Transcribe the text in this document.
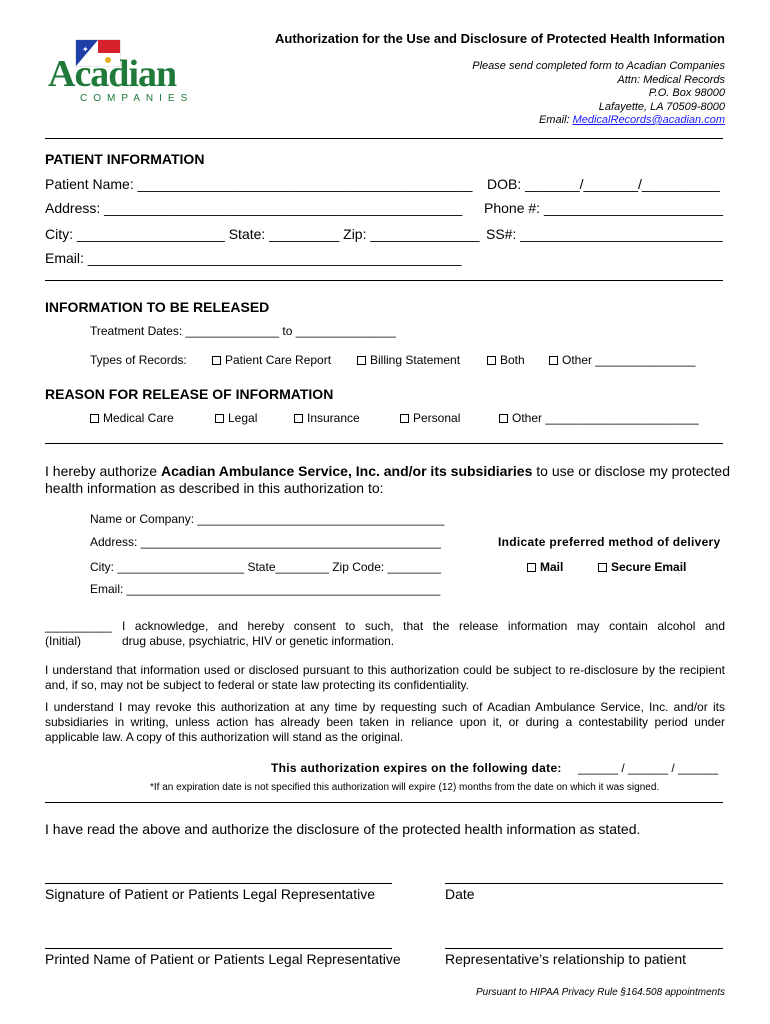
✦
Acadian
COMPANIES
Authorization for the Use and Disclosure of Protected Health Information
Please send completed form to Acadian Companies
Attn: Medical Records
P.O. Box 98000
Lafayette, LA 70509-8000
Email: MedicalRecords@acadian.com
PATIENT INFORMATION
Patient Name: ___________________________________________ DOB: _______/_______/__________
Address: ______________________________________________ Phone #: _______________________
City: ___________________ State: _________ Zip: ______________ SS#: __________________________
Email: ________________________________________________
INFORMATION TO BE RELEASED
Treatment Dates: ______________ to _______________
Types of Records:	Patient Care Report	Billing Statement	Both	Other _______________
REASON FOR RELEASE OF INFORMATION
Medical Care	Legal	Insurance	Personal	Other _______________________
I hereby authorize Acadian Ambulance Service, Inc. and/or its subsidiaries to use or disclose my protected
health information as described in this authorization to:
Name or Company: _____________________________________
Address: _____________________________________________	Indicate preferred method of delivery
City: ___________________ State________ Zip Code: ________	Mail	Secure Email
Email: _______________________________________________
__________
(Initial)
I acknowledge, and hereby consent to such, that the release information may contain alcohol and
drug abuse, psychiatric, HIV or genetic information.
I understand that information used or disclosed pursuant to this authorization could be subject to re-disclosure by the recipient and, if so, may not be subject to federal or state law protecting its confidentiality.
I understand I may revoke this authorization at any time by requesting such of Acadian Ambulance Service, Inc. and/or its subsidiaries in writing, unless action has already been taken in reliance upon it, or during a contestability period under applicable law. A copy of this authorization will stand as the original.
This authorization expires on the following date: ______ / ______ / ______
*If an expiration date is not specified this authorization will expire (12) months from the date on which it was signed.
I have read the above and authorize the disclosure of the protected health information as stated.
Signature of Patient or Patients Legal Representative	Date
Printed Name of Patient or Patients Legal Representative	Representative’s relationship to patient
Pursuant to HIPAA Privacy Rule §164.508 appointments
